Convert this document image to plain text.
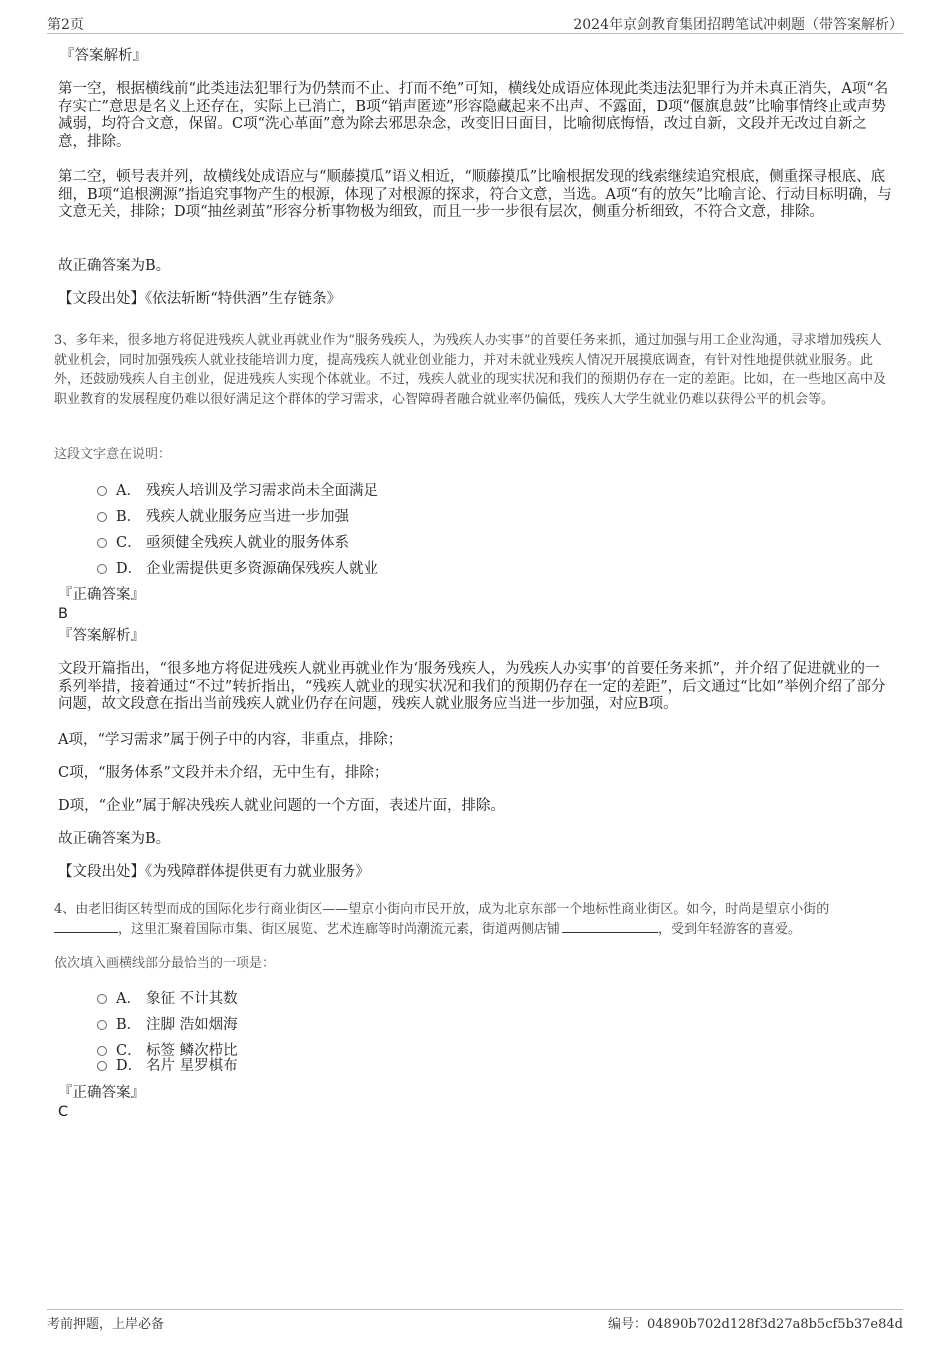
第2页	2024年京剑教育集团招聘笔试冲刺题（带答案解析）

『答案解析』

第一空，根据横线前“此类违法犯罪行为仍禁而不止、打而不绝”可知，横线处成语应体现此类违法犯罪行为并未真正消失，A项“名存实亡”意思是名义上还存在，实际上已消亡，B项“销声匿迹”形容隐藏起来不出声、不露面，D项“偃旗息鼓”比喻事情终止或声势减弱，均符合文意，保留。C项“洗心革面”意为除去邪思杂念，改变旧日面目，比喻彻底悔悟，改过自新，文段并无改过自新之意，排除。

第二空，顿号表并列，故横线处成语应与“顺藤摸瓜”语义相近，“顺藤摸瓜”比喻根据发现的线索继续追究根底，侧重探寻根底、底细，B项“追根溯源”指追究事物产生的根源，体现了对根源的探求，符合文意，当选。A项“有的放矢”比喻言论、行动目标明确，与文意无关，排除；D项“抽丝剥茧”形容分析事物极为细致，而且一步一步很有层次，侧重分析细致，不符合文意，排除。

故正确答案为B。

【文段出处】《依法斩断“特供酒”生存链条》

3、多年来，很多地方将促进残疾人就业再就业作为“服务残疾人，为残疾人办实事”的首要任务来抓，通过加强与用工企业沟通，寻求增加残疾人就业机会，同时加强残疾人就业技能培训力度，提高残疾人就业创业能力，并对未就业残疾人情况开展摸底调查，有针对性地提供就业服务。此外，还鼓励残疾人自主创业，促进残疾人实现个体就业。不过，残疾人就业的现实状况和我们的预期仍存在一定的差距。比如，在一些地区高中及职业教育的发展程度仍难以很好满足这个群体的学习需求，心智障碍者融合就业率仍偏低，残疾人大学生就业仍难以获得公平的机会等。

这段文字意在说明：

A． 残疾人培训及学习需求尚未全面满足
B． 残疾人就业服务应当进一步加强
C． 亟须健全残疾人就业的服务体系
D． 企业需提供更多资源确保残疾人就业

『正确答案』

B

『答案解析』

文段开篇指出，“很多地方将促进残疾人就业再就业作为‘服务残疾人，为残疾人办实事’的首要任务来抓”，并介绍了促进就业的一系列举措，接着通过“不过”转折指出，“残疾人就业的现实状况和我们的预期仍存在一定的差距”，后文通过“比如”举例介绍了部分问题，故文段意在指出当前残疾人就业仍存在问题，残疾人就业服务应当进一步加强，对应B项。

A项，“学习需求”属于例子中的内容，非重点，排除；

C项，“服务体系”文段并未介绍，无中生有，排除；

D项，“企业”属于解决残疾人就业问题的一个方面，表述片面，排除。

故正确答案为B。

【文段出处】《为残障群体提供更有力就业服务》

4、由老旧街区转型而成的国际化步行商业街区——望京小街向市民开放，成为北京东部一个地标性商业街区。如今，时尚是望京小街的
，这里汇聚着国际市集、街区展览、艺术连廊等时尚潮流元素，街道两侧店铺	，受到年轻游客的喜爱。

依次填入画横线部分最恰当的一项是：

A． 象征 不计其数
B． 注脚 浩如烟海
C． 标签 鳞次栉比
D． 名片 星罗棋布

『正确答案』

C

考前押题，上岸必备	编号：04890b702d128f3d27a8b5cf5b37e84d
